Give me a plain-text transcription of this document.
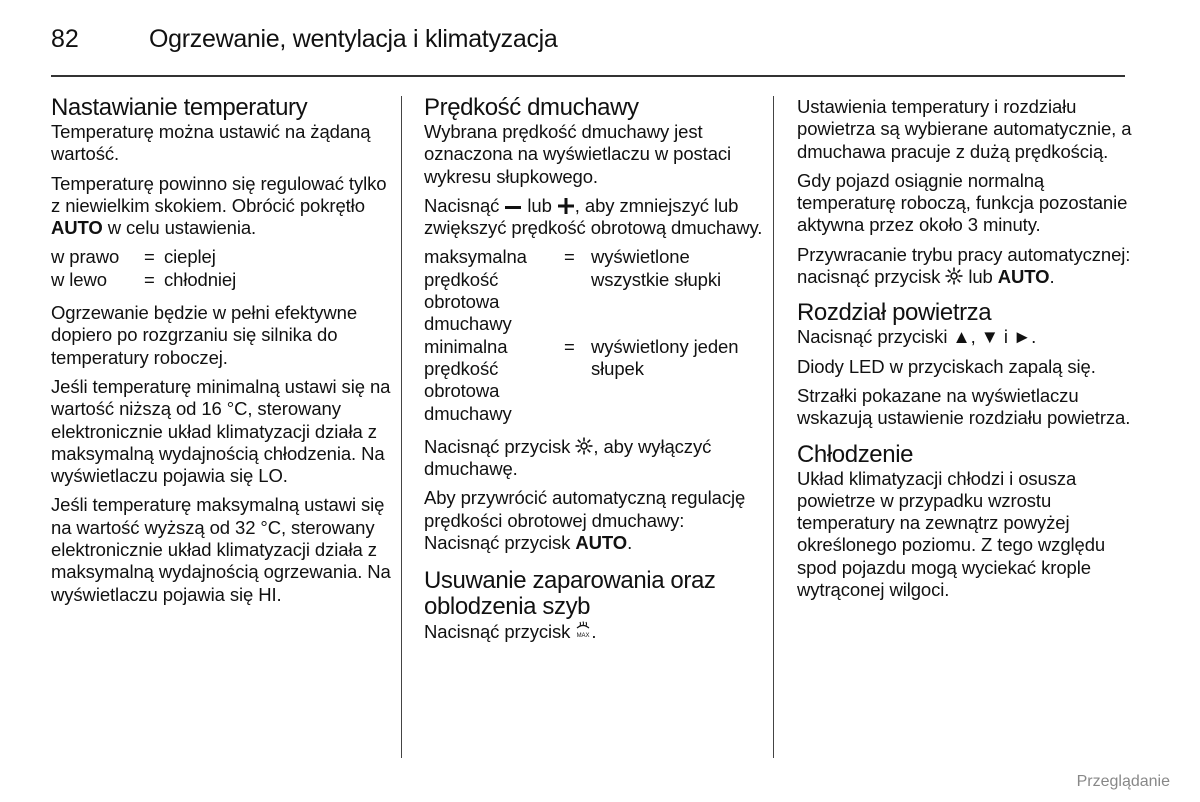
82	Ogrzewanie, wentylacja i klimatyzacja
Nastawianie temperatury

Temperaturę można ustawić na żądaną wartość.

Temperaturę powinno się regulować tylko z niewielkim skokiem. Obrócić pokrętło AUTO w celu ustawienia.

w prawo	=	cieplej
w lewo	=	chłodniej

Ogrzewanie będzie w pełni efektywne dopiero po rozgrzaniu się silnika do temperatury roboczej.

Jeśli temperaturę minimalną ustawi się na wartość niższą od 16 °C, sterowany elektronicznie układ klimatyzacji działa z maksymalną wydajnością chłodzenia. Na wyświetlaczu pojawia się LO.

Jeśli temperaturę maksymalną ustawi się na wartość wyższą od 32 °C, sterowany elektronicznie układ klimatyzacji działa z maksymalną wydajnością ogrzewania. Na wyświetlaczu pojawia się HI.

Prędkość dmuchawy

Wybrana prędkość dmuchawy jest oznaczona na wyświetlaczu w postaci wykresu słupkowego.

Nacisnąć  lub , aby zmniejszyć lub zwiększyć prędkość obrotową dmuchawy.

maksymalna prędkość obrotowa dmuchawy	=	wyświetlone wszystkie słupki
minimalna prędkość obrotowa dmuchawy	=	wyświetlony jeden słupek

Nacisnąć przycisk , aby wyłączyć dmuchawę.

Aby przywrócić automatyczną regulację prędkości obrotowej dmuchawy: Nacisnąć przycisk AUTO.

Usuwanie zaparowania oraz oblodzenia szyb

Nacisnąć przycisk MAX .

Ustawienia temperatury i rozdziału powietrza są wybierane automatycznie, a dmuchawa pracuje z dużą prędkością.

Gdy pojazd osiągnie normalną temperaturę roboczą, funkcja pozostanie aktywna przez około 3 minuty.

Przywracanie trybu pracy automatycznej: nacisnąć przycisk  lub AUTO.

Rozdział powietrza

Nacisnąć przyciski ▲, ▼ i ►.

Diody LED w przyciskach zapalą się.

Strzałki pokazane na wyświetlaczu wskazują ustawienie rozdziału powietrza.

Chłodzenie

Układ klimatyzacji chłodzi i osusza powietrze w przypadku wzrostu temperatury na zewnątrz powyżej określonego poziomu. Z tego względu spod pojazdu mogą wyciekać krople wytrąconej wilgoci.

Przeglądanie
